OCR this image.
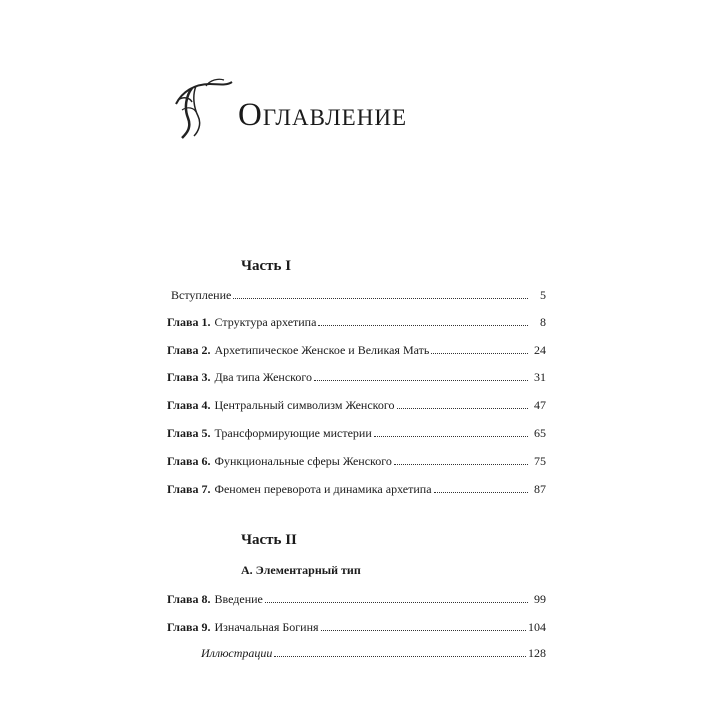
Оглавление
Часть I
Вступление	5
Глава 1. Структура архетипа	8
Глава 2. Архетипическое Женское и Великая Мать	24
Глава 3. Два типа Женского	31
Глава 4. Центральный символизм Женского	47
Глава 5. Трансформирующие мистерии	65
Глава 6. Функциональные сферы Женского	75
Глава 7. Феномен переворота и динамика архетипа	87
Часть II
А. Элементарный тип
Глава 8. Введение	99
Глава 9. Изначальная Богиня	104
Иллюстрации	128
